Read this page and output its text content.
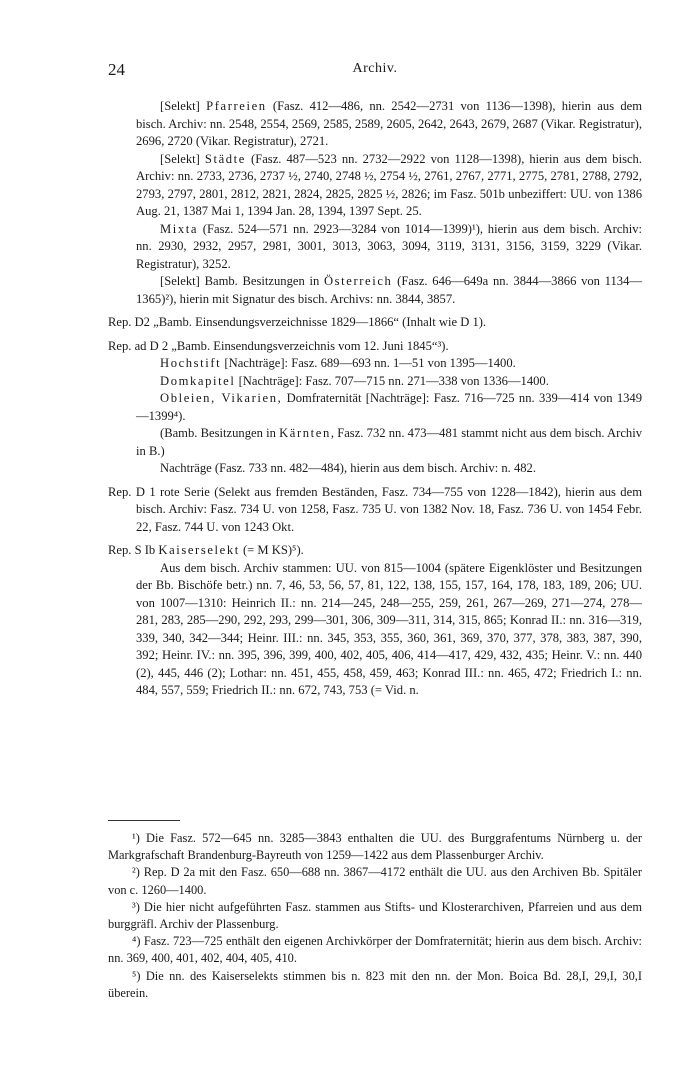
24	Archiv.

[Selekt] Pfarreien (Fasz. 412—486, nn. 2542—2731 von 1136—1398), hierin aus dem bisch. Archiv: nn. 2548, 2554, 2569, 2585, 2589, 2605, 2642, 2643, 2679, 2687 (Vikar. Registratur), 2696, 2720 (Vikar. Registratur), 2721.

[Selekt] Städte (Fasz. 487—523 nn. 2732—2922 von 1128—1398), hierin aus dem bisch. Archiv: nn. 2733, 2736, 2737 ½, 2740, 2748 ½, 2754 ½, 2761, 2767, 2771, 2775, 2781, 2788, 2792, 2793, 2797, 2801, 2812, 2821, 2824, 2825, 2825 ½, 2826; im Fasz. 501b unbeziffert: UU. von 1386 Aug. 21, 1387 Mai 1, 1394 Jan. 28, 1394, 1397 Sept. 25.

Mixta (Fasz. 524—571 nn. 2923—3284 von 1014—1399)¹), hierin aus dem bisch. Archiv: nn. 2930, 2932, 2957, 2981, 3001, 3013, 3063, 3094, 3119, 3131, 3156, 3159, 3229 (Vikar. Registratur), 3252.

[Selekt] Bamb. Besitzungen in Österreich (Fasz. 646—649a nn. 3844—3866 von 1134—1365)²), hierin mit Signatur des bisch. Archivs: nn. 3844, 3857.

Rep. D2 „Bamb. Einsendungsverzeichnisse 1829—1866“ (Inhalt wie D 1).

Rep. ad D 2 „Bamb. Einsendungsverzeichnis vom 12. Juni 1845“³).

Hochstift [Nachträge]: Fasz. 689—693 nn. 1—51 von 1395—1400.

Domkapitel [Nachträge]: Fasz. 707—715 nn. 271—338 von 1336—1400.

Obleien, Vikarien, Domfraternität [Nachträge]: Fasz. 716—725 nn. 339—414 von 1349—1399⁴).

(Bamb. Besitzungen in Kärnten, Fasz. 732 nn. 473—481 stammt nicht aus dem bisch. Archiv in B.)

Nachträge (Fasz. 733 nn. 482—484), hierin aus dem bisch. Archiv: n. 482.

Rep. D 1 rote Serie (Selekt aus fremden Beständen, Fasz. 734—755 von 1228—1842), hierin aus dem bisch. Archiv: Fasz. 734 U. von 1258, Fasz. 735 U. von 1382 Nov. 18, Fasz. 736 U. von 1454 Febr. 22, Fasz. 744 U. von 1243 Okt.

Rep. S Ib Kaiserselekt (= M KS)⁵).

Aus dem bisch. Archiv stammen: UU. von 815—1004 (spätere Eigenklöster und Besitzungen der Bb. Bischöfe betr.) nn. 7, 46, 53, 56, 57, 81, 122, 138, 155, 157, 164, 178, 183, 189, 206; UU. von 1007—1310: Heinrich II.: nn. 214—245, 248—255, 259, 261, 267—269, 271—274, 278—281, 283, 285—290, 292, 293, 299—301, 306, 309—311, 314, 315, 865; Konrad II.: nn. 316—319, 339, 340, 342—344; Heinr. III.: nn. 345, 353, 355, 360, 361, 369, 370, 377, 378, 383, 387, 390, 392; Heinr. IV.: nn. 395, 396, 399, 400, 402, 405, 406, 414—417, 429, 432, 435; Heinr. V.: nn. 440 (2), 445, 446 (2); Lothar: nn. 451, 455, 458, 459, 463; Konrad III.: nn. 465, 472; Friedrich I.: nn. 484, 557, 559; Friedrich II.: nn. 672, 743, 753 (= Vid. n.

¹) Die Fasz. 572—645 nn. 3285—3843 enthalten die UU. des Burggrafentums Nürnberg u. der Markgrafschaft Brandenburg-Bayreuth von 1259—1422 aus dem Plassenburger Archiv.

²) Rep. D 2a mit den Fasz. 650—688 nn. 3867—4172 enthält die UU. aus den Archiven Bb. Spitäler von c. 1260—1400.

³) Die hier nicht aufgeführten Fasz. stammen aus Stifts- und Klosterarchiven, Pfarreien und aus dem burggräfl. Archiv der Plassenburg.

⁴) Fasz. 723—725 enthält den eigenen Archivkörper der Domfraternität; hierin aus dem bisch. Archiv: nn. 369, 400, 401, 402, 404, 405, 410.

⁵) Die nn. des Kaiserselekts stimmen bis n. 823 mit den nn. der Mon. Boica Bd. 28,I, 29,I, 30,I überein.
